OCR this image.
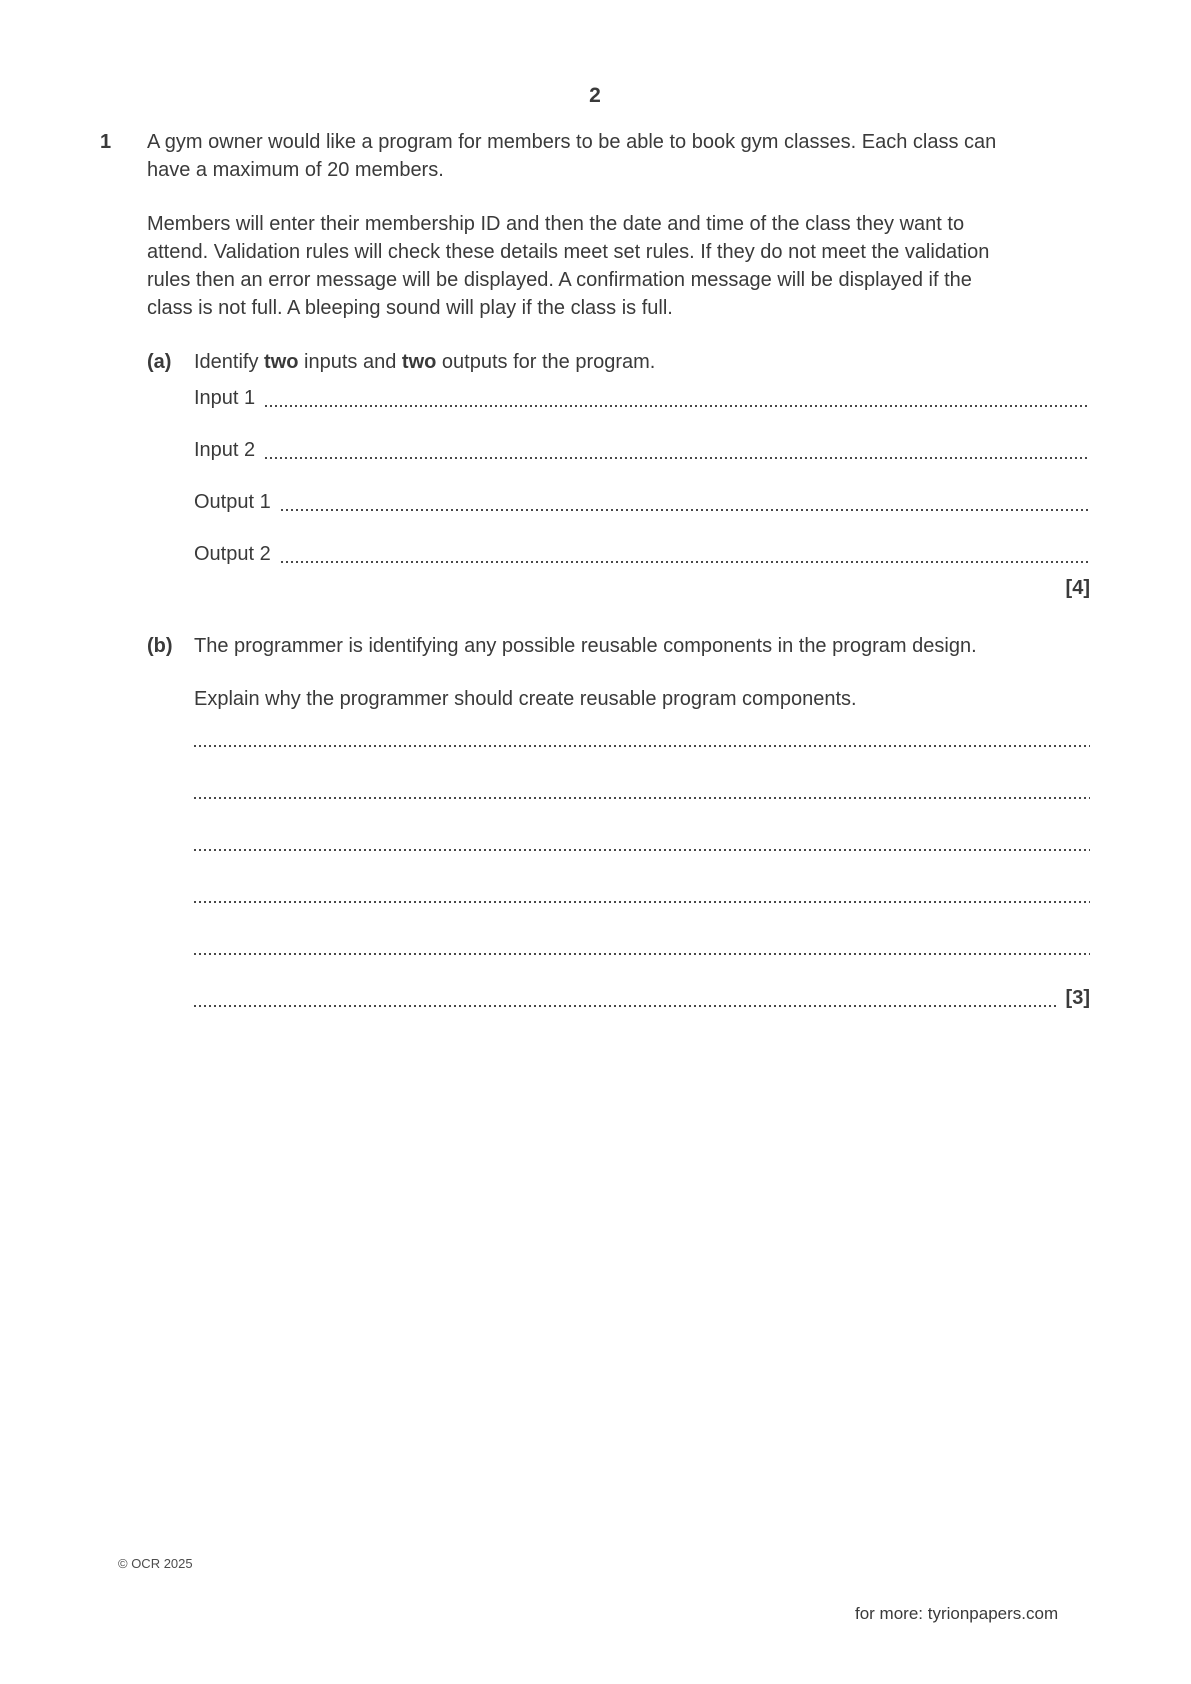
2
1	A gym owner would like a program for members to be able to book gym classes. Each class can
have a maximum of 20 members.
Members will enter their membership ID and then the date and time of the class they want to
attend. Validation rules will check these details meet set rules. If they do not meet the validation
rules then an error message will be displayed. A confirmation message will be displayed if the
class is not full. A bleeping sound will play if the class is full.
(a)	Identify two inputs and two outputs for the program.
Input 1
Input 2
Output 1
Output 2
[4]
(b)	The programmer is identifying any possible reusable components in the program design.
Explain why the programmer should create reusable program components.
[3]
© OCR 2025
for more: tyrionpapers.com
